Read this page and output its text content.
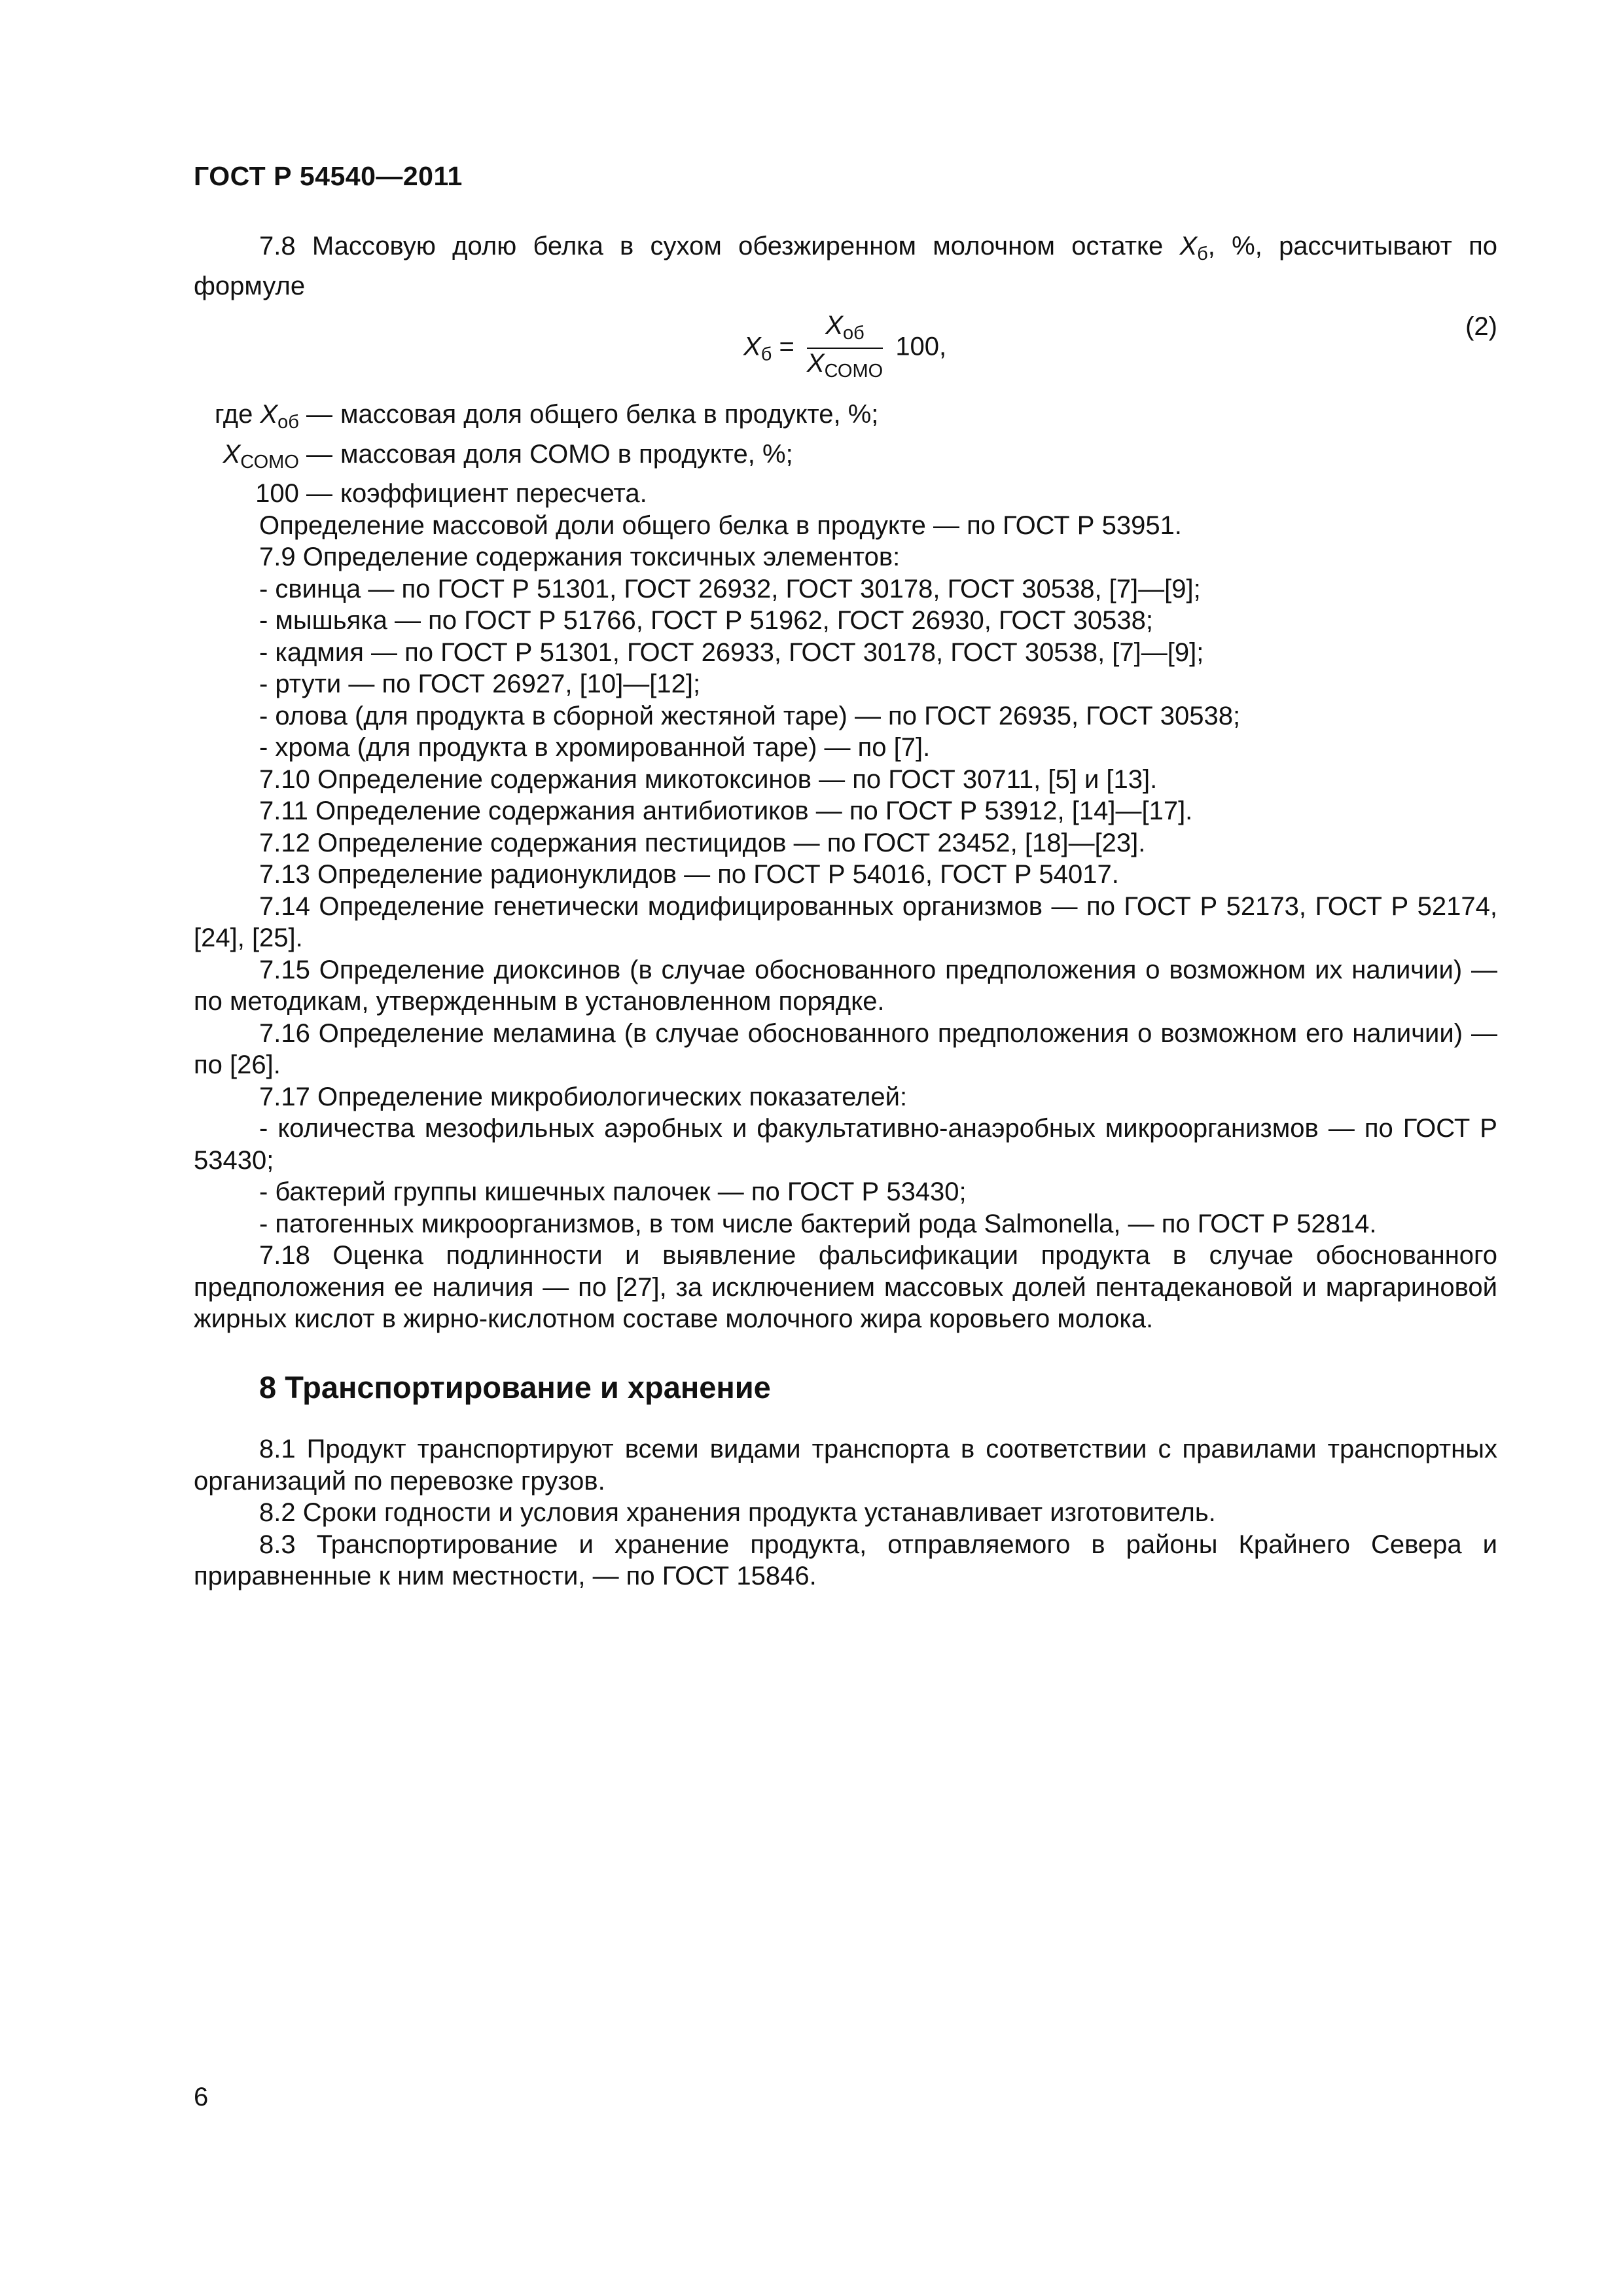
ГОСТ Р 54540—2011

7.8 Массовую долю белка в сухом обезжиренном молочном остатке $X_б$, %, рассчитывают по формуле

$X_б = \frac{X_{об}}{X_{СОМО}} 100$,
(2)
где $X_{об}$ — массовая доля общего белка в продукте, %;
$X_{СОМО}$ — массовая доля СОМО в продукте, %;
100 — коэффициент пересчета.

Определение массовой доли общего белка в продукте — по ГОСТ Р 53951.

7.9 Определение содержания токсичных элементов:

- свинца — по ГОСТ Р 51301, ГОСТ 26932, ГОСТ 30178, ГОСТ 30538, [7]—[9];

- мышьяка — по ГОСТ Р 51766, ГОСТ Р 51962, ГОСТ 26930, ГОСТ 30538;

- кадмия — по ГОСТ Р 51301, ГОСТ 26933, ГОСТ 30178, ГОСТ 30538, [7]—[9];

- ртути — по ГОСТ 26927, [10]—[12];

- олова (для продукта в сборной жестяной таре) — по ГОСТ 26935, ГОСТ 30538;

- хрома (для продукта в хромированной таре) — по [7].

7.10 Определение содержания микотоксинов — по ГОСТ 30711, [5] и [13].

7.11 Определение содержания антибиотиков — по ГОСТ Р 53912, [14]—[17].

7.12 Определение содержания пестицидов — по ГОСТ 23452, [18]—[23].

7.13 Определение радионуклидов — по ГОСТ Р 54016, ГОСТ Р 54017.

7.14 Определение генетически модифицированных организмов — по ГОСТ Р 52173, ГОСТ Р 52174, [24], [25].

7.15 Определение диоксинов (в случае обоснованного предположения о возможном их наличии) — по методикам, утвержденным в установленном порядке.

7.16 Определение меламина (в случае обоснованного предположения о возможном его наличии) — по [26].

7.17 Определение микробиологических показателей:

- количества мезофильных аэробных и факультативно-анаэробных микроорганизмов — по ГОСТ Р 53430;

- бактерий группы кишечных палочек — по ГОСТ Р 53430;

- патогенных микроорганизмов, в том числе бактерий рода Salmonella, — по ГОСТ Р 52814.

7.18 Оценка подлинности и выявление фальсификации продукта в случае обоснованного предположения ее наличия — по [27], за исключением массовых долей пентадекановой и маргариновой жирных кислот в жирно-кислотном составе молочного жира коровьего молока.

8 Транспортирование и хранение

8.1 Продукт транспортируют всеми видами транспорта в соответствии с правилами транспортных организаций по перевозке грузов.

8.2 Сроки годности и условия хранения продукта устанавливает изготовитель.

8.3 Транспортирование и хранение продукта, отправляемого в районы Крайнего Севера и приравненные к ним местности, — по ГОСТ 15846.

6
